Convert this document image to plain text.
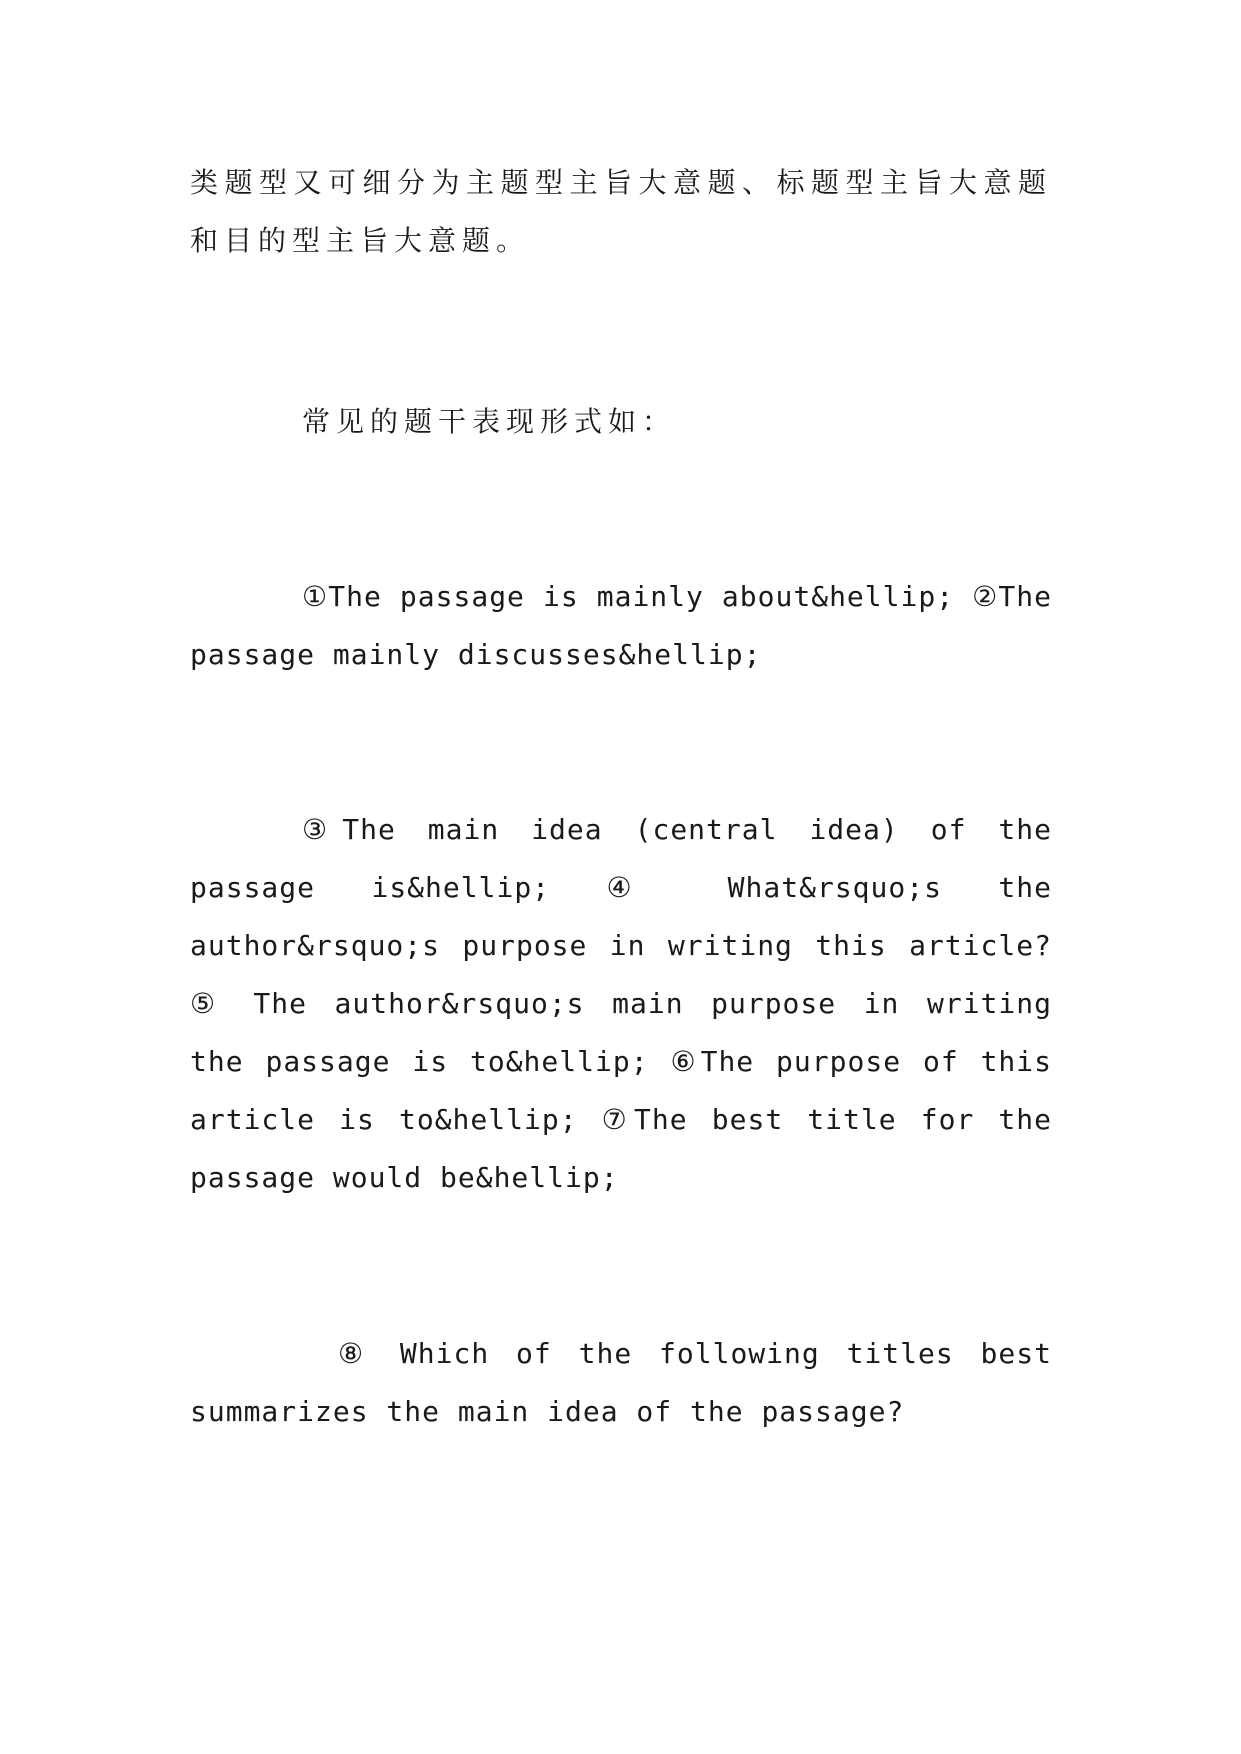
类题型又可细分为主题型主旨大意题、标题型主旨大意题和目的型主旨大意题。

常见的题干表现形式如：

①The passage is mainly about&hellip; ②The passage mainly discusses&hellip;

③The main idea (central idea) of the passage is&hellip; ④ What&rsquo;s the author&rsquo;s purpose in writing this article? ⑤ The author&rsquo;s main purpose in writing the passage is to&hellip; ⑥The purpose of this article is to&hellip; ⑦The best title for the passage would be&hellip;

⑧ Which of the following titles best summarizes the main idea of the passage?
